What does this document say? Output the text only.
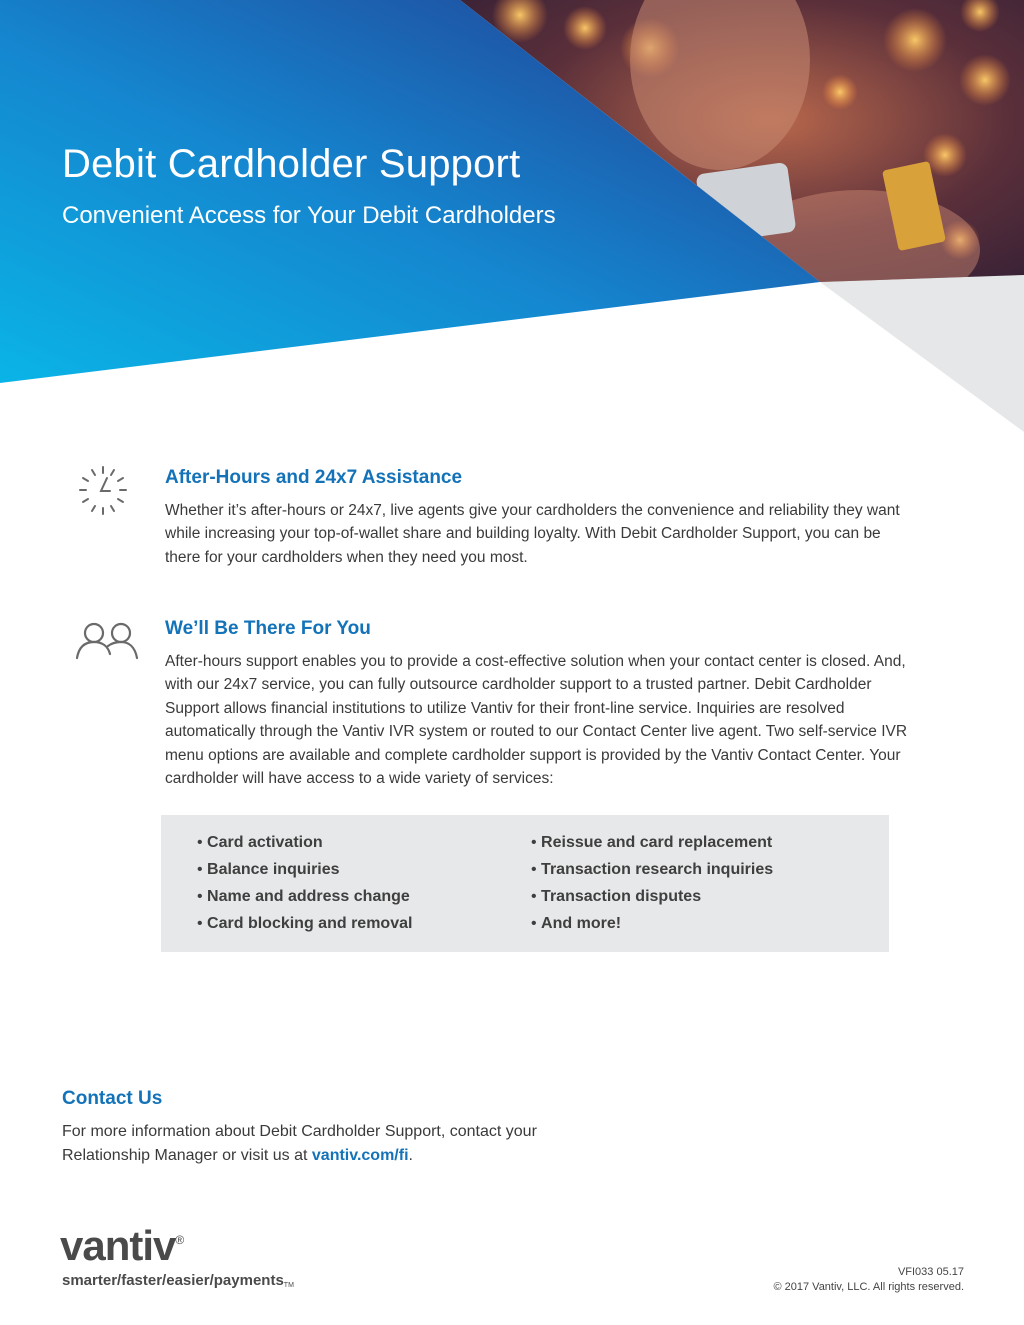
Debit Cardholder Support

Convenient Access for Your Debit Cardholders

After-Hours and 24x7 Assistance

Whether it’s after-hours or 24x7, live agents give your cardholders the convenience and reliability they want while increasing your top-of-wallet share and building loyalty. With Debit Cardholder Support, you can be there for your cardholders when they need you most.

We’ll Be There For You

After-hours support enables you to provide a cost-effective solution when your contact center is closed. And, with our 24x7 service, you can fully outsource cardholder support to a trusted partner. Debit Cardholder Support allows financial institutions to utilize Vantiv for their front-line service. Inquiries are resolved automatically through the Vantiv IVR system or routed to our Contact Center live agent. Two self-service IVR menu options are available and complete cardholder support is provided by the Vantiv Contact Center. Your cardholder will have access to a wide variety of services:

• Card activation
• Balance inquiries
• Name and address change
• Card blocking and removal
• Reissue and card replacement
• Transaction research inquiries
• Transaction disputes
• And more!
Contact Us

For more information about Debit Cardholder Support, contact your Relationship Manager or visit us at vantiv.com/fi.

vantiv®
smarter/faster/easier/paymentsTM
VFI033 05.17
© 2017 Vantiv, LLC. All rights reserved.
